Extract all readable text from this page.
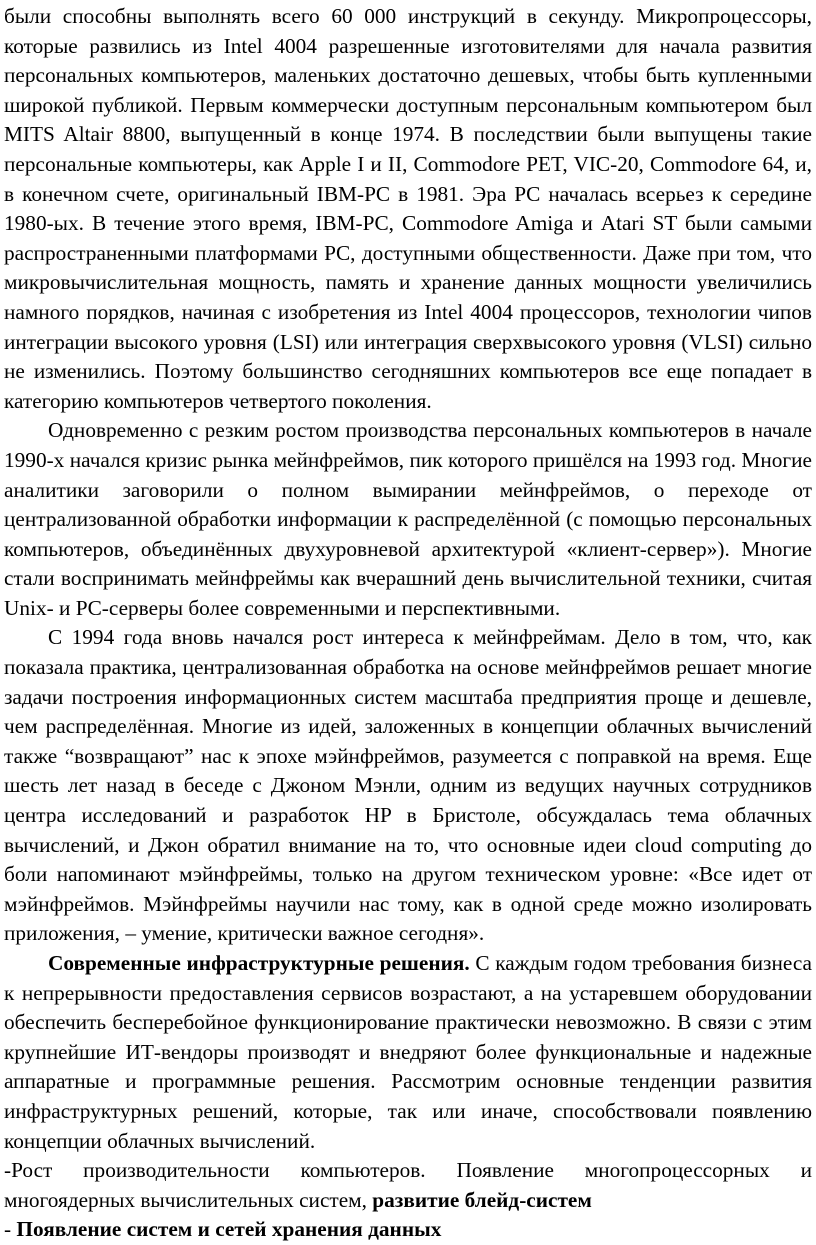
были способны выполнять всего 60 000 инструкций в секунду. Микропроцессоры, которые развились из Intel 4004 разрешенные изготовителями для начала развития персональных компьютеров, маленьких достаточно дешевых, чтобы быть купленными широкой публикой. Первым коммерчески доступным персональным компьютером был MITS Altair 8800, выпущенный в конце 1974. В последствии были выпущены такие персональные компьютеры, как Apple I и II, Commodore PET, VIC-20, Commodore 64, и, в конечном счете, оригинальный IBM-PC в 1981. Эра PC началась всерьез к середине 1980-ых. В течение этого время, IBM-PC, Commodore Amiga и Atari ST были самыми распространенными платформами PC, доступными общественности. Даже при том, что микровычислительная мощность, память и хранение данных мощности увеличились намного порядков, начиная с изобретения из Intel 4004 процессоров, технологии чипов интеграции высокого уровня (LSI) или интеграция сверхвысокого уровня (VLSI) сильно не изменились. Поэтому большинство сегодняшних компьютеров все еще попадает в категорию компьютеров четвертого поколения.

Одновременно с резким ростом производства персональных компьютеров в начале 1990-х начался кризис рынка мейнфреймов, пик которого пришёлся на 1993 год. Многие аналитики заговорили о полном вымирании мейнфреймов, о переходе от централизованной обработки информации к распределённой (с помощью персональных компьютеров, объединённых двухуровневой архитектурой «клиент-сервер»). Многие стали воспринимать мейнфреймы как вчерашний день вычислительной техники, считая Unix- и PC-серверы более современными и перспективными.

С 1994 года вновь начался рост интереса к мейнфреймам. Дело в том, что, как показала практика, централизованная обработка на основе мейнфреймов решает многие задачи построения информационных систем масштаба предприятия проще и дешевле, чем распределённая. Многие из идей, заложенных в концепции облачных вычислений также “возвращают” нас к эпохе мэйнфреймов, разумеется с поправкой на время. Еще шесть лет назад в беседе с Джоном Мэнли, одним из ведущих научных сотрудников центра исследований и разработок HP в Бристоле, обсуждалась тема облачных вычислений, и Джон обратил внимание на то, что основные идеи cloud computing до боли напоминают мэйнфреймы, только на другом техническом уровне: «Все идет от мэйнфреймов. Мэйнфреймы научили нас тому, как в одной среде можно изолировать приложения, – умение, критически важное сегодня».

Современные инфраструктурные решения. С каждым годом требования бизнеса к непрерывности предоставления сервисов возрастают, а на устаревшем оборудовании обеспечить бесперебойное функционирование практически невозможно. В связи с этим крупнейшие ИТ-вендоры производят и внедряют более функциональные и надежные аппаратные и программные решения. Рассмотрим основные тенденции развития инфраструктурных решений, которые, так или иначе, способствовали появлению концепции облачных вычислений.

-Рост производительности компьютеров. Появление многопроцессорных и многоядерных вычислительных систем, развитие блейд-систем

- Появление систем и сетей хранения данных
